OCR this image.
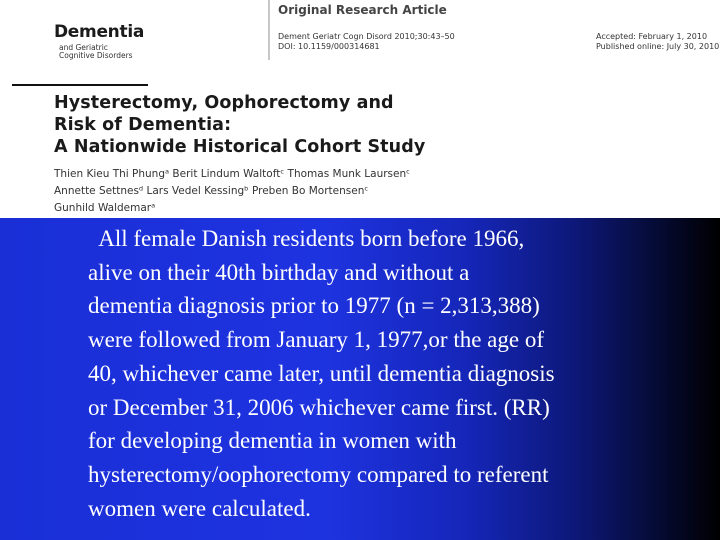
Dementia
and Geriatric
Cognitive Disorders
Original Research Article
Dement Geriatr Cogn Disord 2010;30:43–50
DOI: 10.1159/000314681
Accepted: February 1, 2010
Published online: July 30, 2010
Hysterectomy, Oophorectomy and
Risk of Dementia:
A Nationwide Historical Cohort Study
Thien Kieu Thi Phungᵃ Berit Lindum Waltoftᶜ Thomas Munk Laursenᶜ
Annette Settnesᵈ Lars Vedel Kessingᵇ Preben Bo Mortensenᶜ
Gunhild Waldemarᵃ
All female Danish residents born before 1966,
alive on their 40th birthday and without a
dementia diagnosis prior to 1977 (n = 2,313,388)
were followed from January 1, 1977,or the age of
40, whichever came later, until dementia diagnosis
or December 31, 2006 whichever came first. (RR)
for developing dementia in women with
hysterectomy/oophorectomy compared to referent
women were calculated.
